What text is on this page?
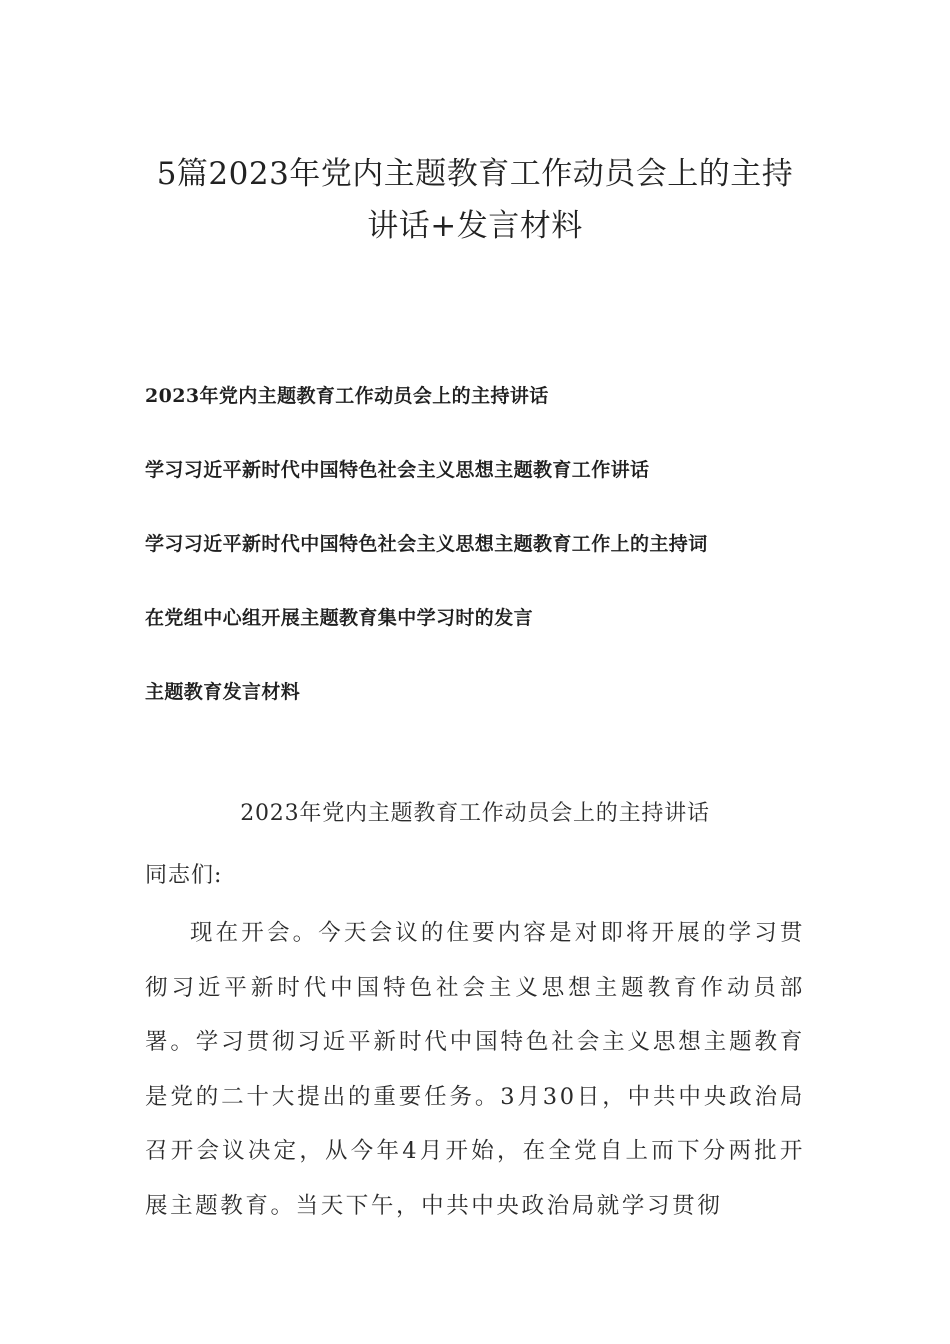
5篇2023年党内主题教育工作动员会上的主持
讲话+发言材料
2023年党内主题教育工作动员会上的主持讲话
学习习近平新时代中国特色社会主义思想主题教育工作讲话
学习习近平新时代中国特色社会主义思想主题教育工作上的主持词
在党组中心组开展主题教育集中学习时的发言
主题教育发言材料
2023年党内主题教育工作动员会上的主持讲话
同志们:

现在开会。今天会议的住要内容是对即将开展的学习贯彻习近平新时代中国特色社会主义思想主题教育作动员部署。学习贯彻习近平新时代中国特色社会主义思想主题教育是党的二十大提出的重要任务。3月30日，中共中央政治局召开会议决定，从今年4月开始，在全党自上而下分两批开展主题教育。当天下午，中共中央政治局就学习贯彻
